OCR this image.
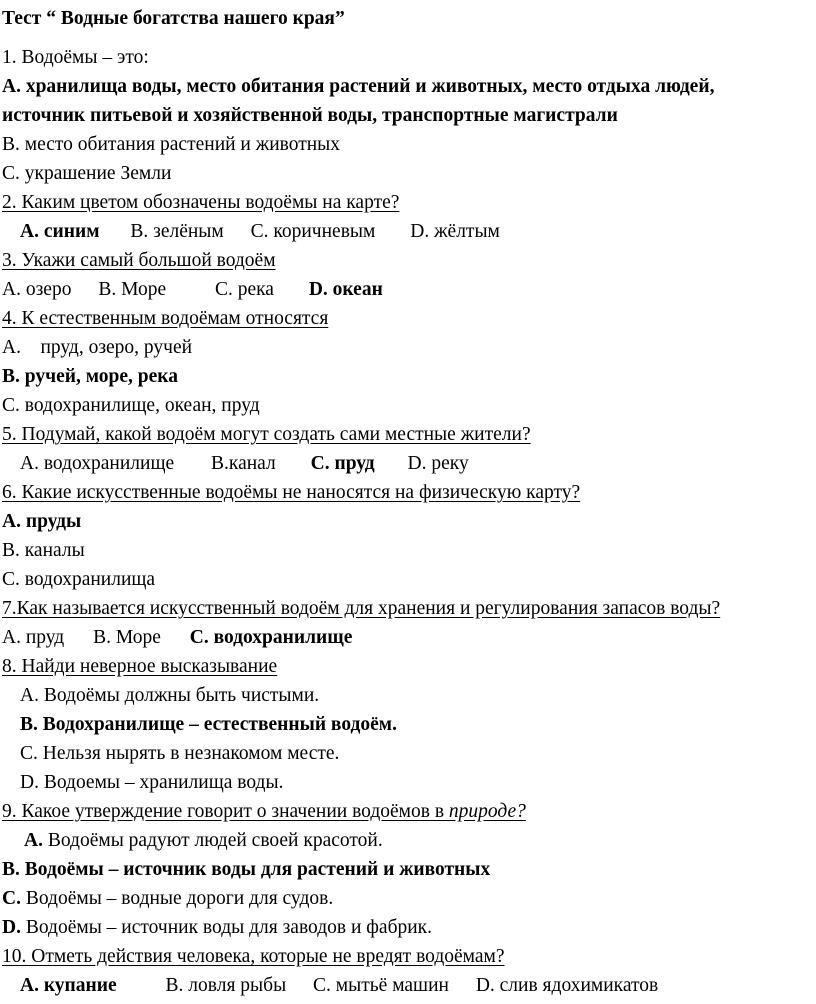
Тест “ Водные богатства нашего края”
1. Водоёмы – это:
А. хранилища воды, место обитания растений и животных, место отдыха людей,
источник питьевой и хозяйственной воды, транспортные магистрали
В. место обитания растений и животных
С. украшение Земли
2. Каким цветом обозначены водоёмы на карте?
А. синим В. зелёным С. коричневым D. жёлтым
3. Укажи самый большой водоём
А. озеро В. Море	С. река D. океан
4. К естественным водоёмам относятся
А.    пруд, озеро, ручей
В. ручей, море, река
С. водохранилище, океан, пруд
5. Подумай, какой водоём могут создать сами местные жители?
А. водохранилище В.канал С. пруд D. реку
6. Какие искусственные водоёмы не наносятся на физическую карту?
А. пруды
В. каналы
С. водохранилища
7.Как называется искусственный водоём для хранения и регулирования запасов воды?
А. пруд В. Море С. водохранилище
8. Найди неверное высказывание
А. Водоёмы должны быть чистыми.
В. Водохранилище – естественный водоём.
С. Нельзя нырять в незнакомом месте.
D. Водоемы – хранилища воды.
9. Какое утверждение говорит о значении водоёмов в природе?
А. Водоёмы радуют людей своей красотой.
В. Водоёмы – источник воды для растений и животных
С. Водоёмы – водные дороги для судов.
D. Водоёмы – источник воды для заводов и фабрик.
10. Отметь действия человека, которые не вредят водоёмам?
А. купание	В. ловля рыбы С. мытьё машин D. слив ядохимикатов
